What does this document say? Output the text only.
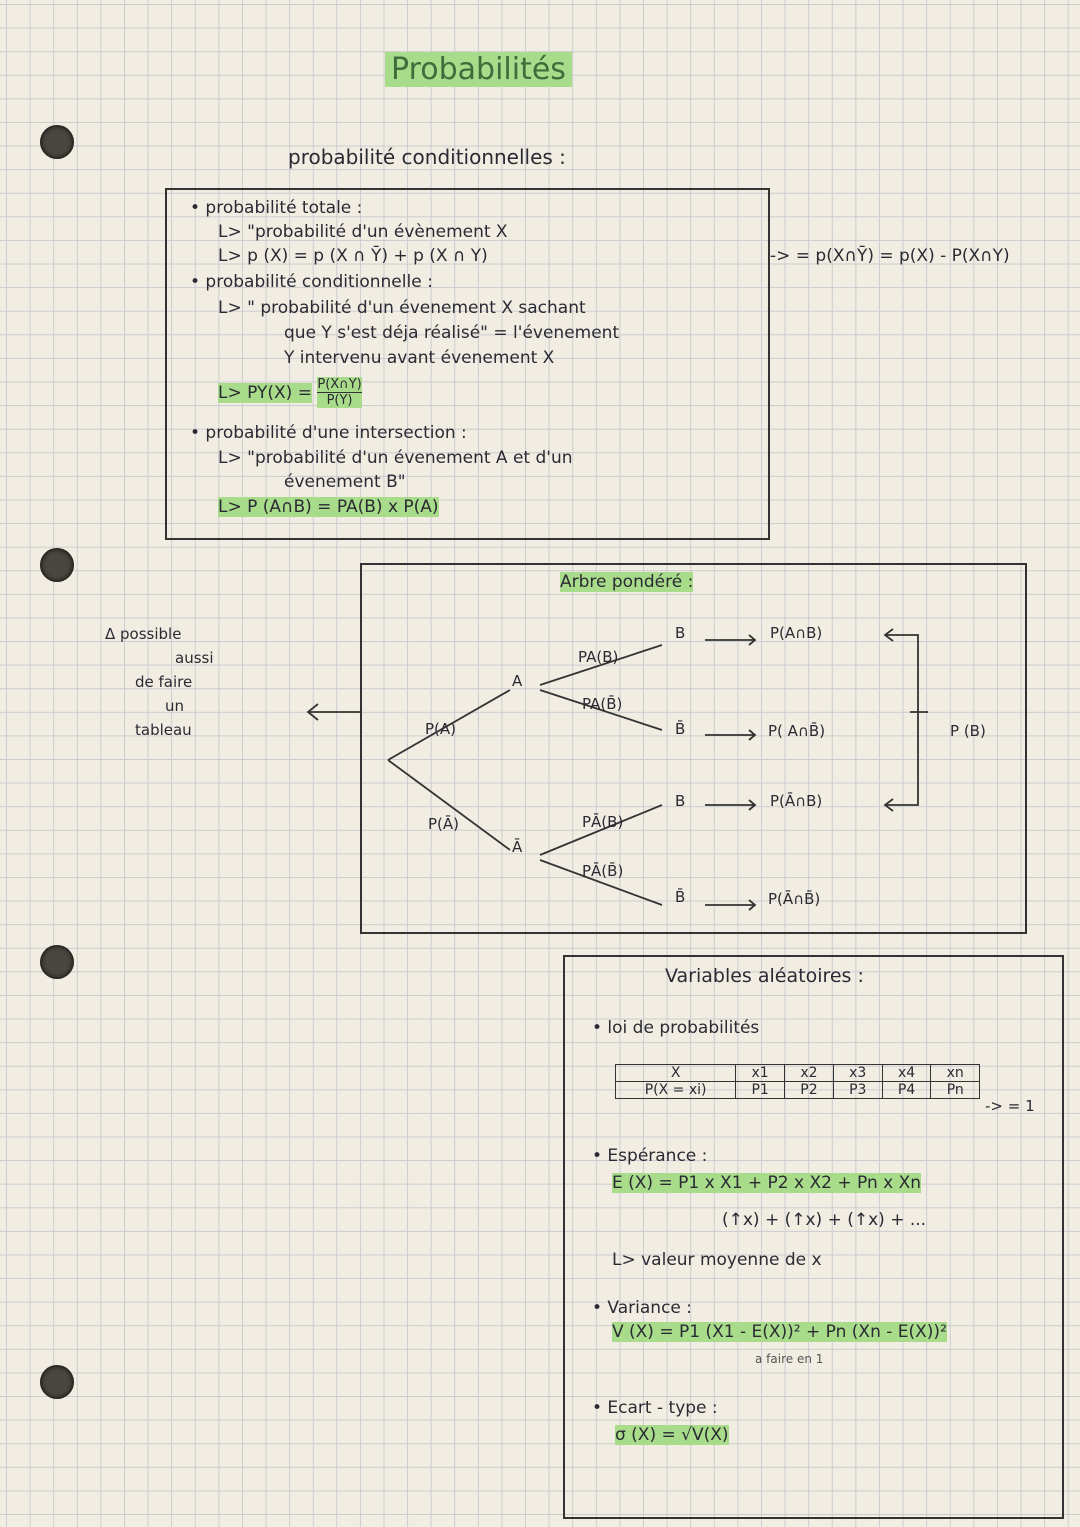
Probabilités
probabilité conditionnelles :
• probabilité totale :
L> "probabilité d'un évènement X
L> p (X) = p (X ∩ Ȳ) + p (X ∩ Y)
• probabilité conditionnelle :
L> " probabilité d'un évenement X sachant
que Y s'est déja réalisé" = l'évenement
Y intervenu avant évenement X
$L> PY(X) = \frac{P(X\cap Y)}{P(Y)}$
• probabilité d'une intersection :
L> "probabilité d'un évenement A et d'un
évenement B"
L> P (A∩B) = PA(B) x P(A)
-> = p(X∩Ȳ) = p(X) - P(X∩Y)
Δ possible
aussi
de faire
un
tableau
Arbre pondéré :
A
Ā
B
B̄
B
B̄
P(A)
P(Ā)
PA(B)
PA(B̄)
PĀ(B)
PĀ(B̄)
P(A∩B)
P( A∩B̄)
P(Ā∩B)
P(Ā∩B̄)
P (B)
Variables aléatoires :
• loi de probabilités
X	x1	x2	x3	x4	xn
P(X = xi)	P1	P2	P3	P4	Pn
-> = 1
• Espérance :
E (X) = P1 x X1 + P2 x X2 + Pn x Xn
(↑x) + (↑x) + (↑x) + ...
L> valeur moyenne de x
• Variance :
V (X) = P1 (X1 - E(X))² + Pn (Xn - E(X))²
a faire en 1
• Ecart - type :
σ (X) = √V(X)
